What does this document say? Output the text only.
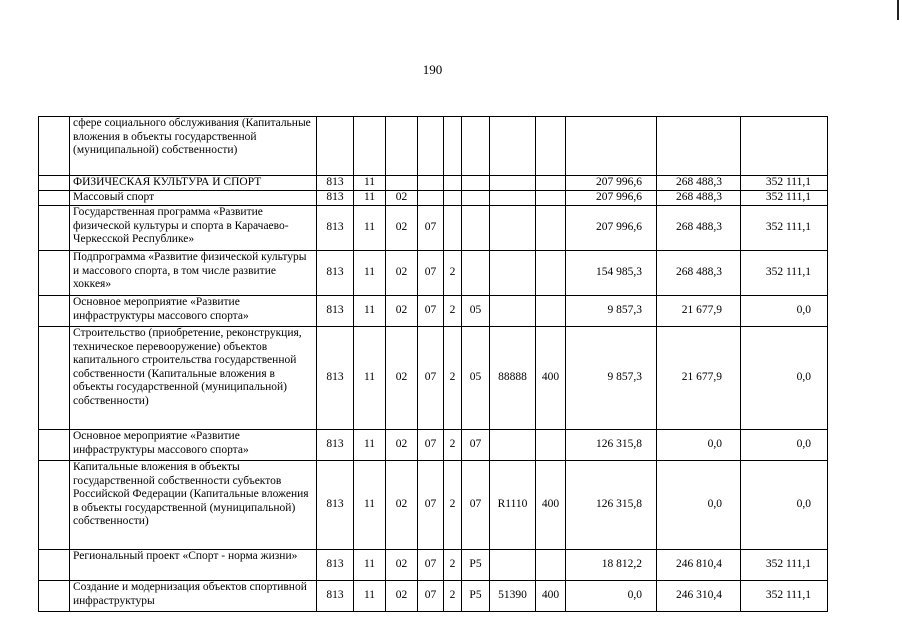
190
	сфере социального обслуживания (Капитальные вложения в объекты государственной (муниципальной) собственности)											
	ФИЗИЧЕСКАЯ КУЛЬТУРА И СПОРТ	813	11							207 996,6	268 488,3	352 111,1
	Массовый спорт	813	11	02						207 996,6	268 488,3	352 111,1
	Государственная программа «Развитие физической культуры и спорта в Карачаево-Черкесской Республике»	813	11	02	07					207 996,6	268 488,3	352 111,1
	Подпрограмма «Развитие физической культуры и массового спорта, в том числе развитие хоккея»	813	11	02	07	2				154 985,3	268 488,3	352 111,1
	Основное мероприятие «Развитие инфраструктуры массового спорта»	813	11	02	07	2	05			9 857,3	21 677,9	0,0
	Строительство (приобретение, реконструкция, техническое перевооружение) объектов капитального строительства государственной собственности (Капитальные вложения в объекты государственной (муниципальной) собственности)	813	11	02	07	2	05	88888	400	9 857,3	21 677,9	0,0
	Основное мероприятие «Развитие инфраструктуры массового спорта»	813	11	02	07	2	07			126 315,8	0,0	0,0
	Капитальные вложения в объекты государственной собственности субъектов Российской Федерации (Капитальные вложения в объекты государственной (муниципальной) собственности)	813	11	02	07	2	07	R1110	400	126 315,8	0,0	0,0
	Региональный проект «Спорт - норма жизни»	813	11	02	07	2	P5			18 812,2	246 810,4	352 111,1
	Создание и модернизация объектов спортивной инфраструктуры	813	11	02	07	2	P5	51390	400	0,0	246 310,4	352 111,1
